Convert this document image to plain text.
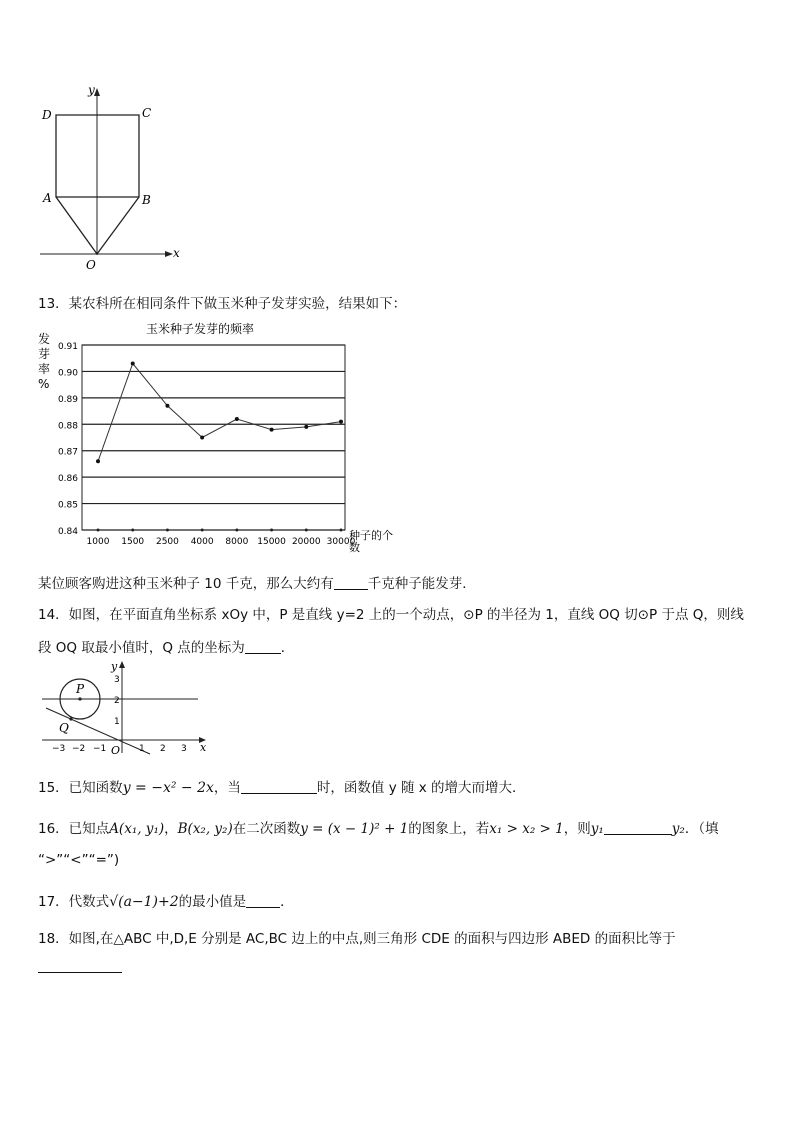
D	C
A	B
O
x
y
13．某农科所在相同条件下做玉米种子发芽实验，结果如下：
玉米种子发芽的频率
发芽率%
0.91
0.90
0.89
0.88
0.87
0.86
0.85
0.84
1000 1500 2500 4000 8000 15000 20000 30000
种子的个数
某位顾客购进这种玉米种子 10 千克，那么大约有	千克种子能发芽．
14．如图，在平面直角坐标系 xOy 中，P 是直线 y=2 上的一个动点，⊙P 的半径为 1，直线 OQ 切⊙P 于点 Q，则线
段 OQ 取最小值时，Q 点的坐标为	．
−3 −2 −1	1 2 3
3
2
1
P
Q
O	x
y
15．已知函数y = −x² − 2x，当	时，函数值 y 随 x 的增大而增大．
16．已知点A(x₁, y₁)，B(x₂, y₂)在二次函数y = (x − 1)² + 1的图象上，若x₁ > x₂ > 1，则y₁	y₂．（填
“>”“<”“=”)
17．代数式√(a−1)+2的最小值是	．
18．如图,在△ABC 中,D,E 分别是 AC,BC 边上的中点,则三角形 CDE 的面积与四边形 ABED 的面积比等于
